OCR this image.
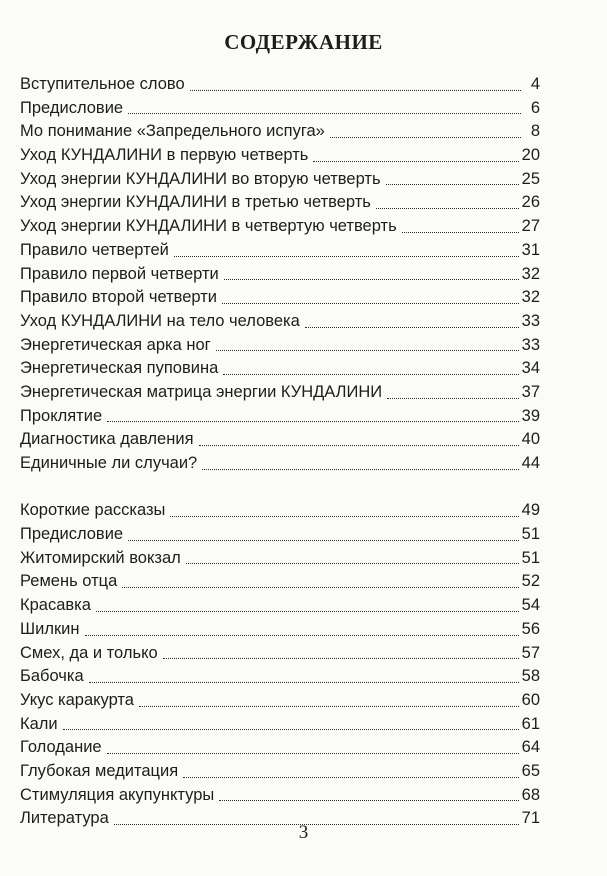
СОДЕРЖАНИЕ
Вступительное слово	4
Предисловие	6
Мо понимание «Запредельного испуга»	8
Уход КУНДАЛИНИ в первую четверть	20
Уход энергии КУНДАЛИНИ во вторую четверть	25
Уход энергии КУНДАЛИНИ в третью четверть	26
Уход энергии КУНДАЛИНИ в четвертую четверть	27
Правило четвертей	31
Правило первой четверти	32
Правило второй четверти	32
Уход КУНДАЛИНИ на тело человека	33
Энергетическая арка ног	33
Энергетическая пуповина	34
Энергетическая матрица энергии КУНДАЛИНИ	37
Проклятие	39
Диагностика давления	40
Единичные ли случаи?	44
Короткие рассказы	49
Предисловие	51
Житомирский вокзал	51
Ремень отца	52
Красавка	54
Шилкин	56
Смех, да и только	57
Бабочка	58
Укус каракурта	60
Кали	61
Голодание	64
Глубокая медитация	65
Стимуляция акупунктуры	68
Литература	71
3
